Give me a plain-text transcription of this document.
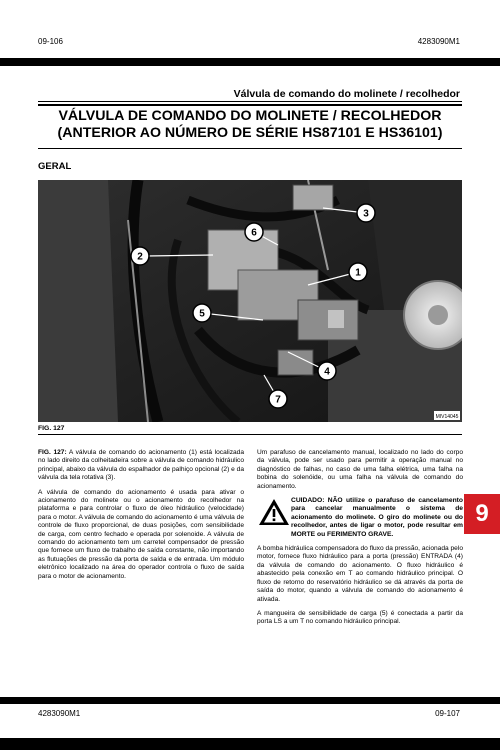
09-106	4283090M1
Válvula de comando do molinete / recolhedor
VÁLVULA DE COMANDO DO MOLINETE / RECOLHEDOR
(ANTERIOR AO NÚMERO DE SÉRIE HS87101 E HS36101)
GERAL
1
2
3
4
5
6
7
MIV14045
FIG. 127

FIG. 127: A válvula de comando do acionamento (1) está localizada no lado direito da colheitadeira sobre a válvula de comando hidráulico principal, abaixo da válvula do espalhador de palhiço opcional (2) e da válvula da tela rotativa (3).

A válvula de comando do acionamento é usada para ativar o acionamento do molinete ou o acionamento do recolhedor na plataforma e para controlar o fluxo de óleo hidráulico (velocidade) para o motor. A válvula de comando do acionamento é uma válvula de controle de fluxo proporcional, de duas posições, com sensibilidade de carga, com centro fechado e operada por solenoide. A válvula de comando do acionamento tem um carretel compensador de pressão que fornece um fluxo de trabalho de saída constante, não importando as flutuações de pressão da porta de saída e de entrada. Um módulo eletrônico localizado na área do operador controla o fluxo de saída para o motor de acionamento.

Um parafuso de cancelamento manual, localizado no lado do corpo da válvula, pode ser usado para permitir a operação manual no diagnóstico de falhas, no caso de uma falha elétrica, uma falha na bobina do solenóide, ou uma falha na válvula de comando do acionamento.

CUIDADO: NÃO utilize o parafuso de cancelamento para cancelar manualmente o sistema de acionamento do molinete. O giro do molinete ou do recolhedor, antes de ligar o motor, pode resultar em MORTE ou FERIMENTO GRAVE.

A bomba hidráulica compensadora do fluxo da pressão, acionada pelo motor, fornece fluxo hidráulico para a porta (pressão) ENTRADA (4) da válvula de comando do acionamento. O fluxo hidráulico é abastecido pela conexão em T ao comando hidráulico principal. O fluxo de retorno do reservatório hidráulico se dá através da porta de saída do motor, quando a válvula de comando do acionamento é ativada.

A mangueira de sensibilidade de carga (5) é conectada a partir da porta LS a um T no comando hidráulico principal.

9
4283090M1	09-107
